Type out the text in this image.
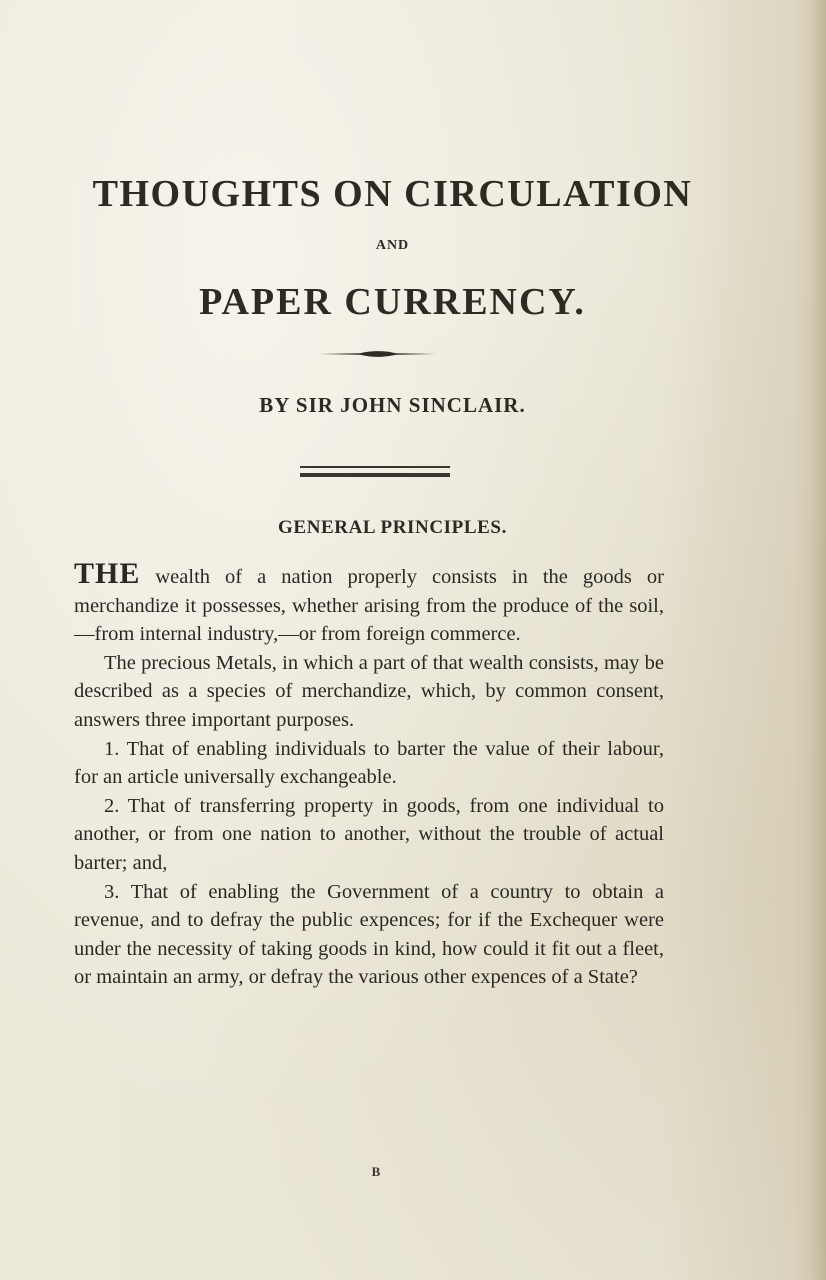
THOUGHTS ON CIRCULATION
AND
PAPER CURRENCY.
BY SIR JOHN SINCLAIR.
GENERAL PRINCIPLES.

THE wealth of a nation properly consists in the goods or merchandize it possesses, whether arising from the produce of the soil,—from internal industry,—or from foreign commerce.

The precious Metals, in which a part of that wealth consists, may be described as a species of merchandize, which, by common consent, answers three important purposes.

1. That of enabling individuals to barter the value of their labour, for an article universally exchangeable.

2. That of transferring property in goods, from one individual to another, or from one nation to another, without the trouble of actual barter; and,

3. That of enabling the Government of a country to obtain a revenue, and to defray the public expences; for if the Exchequer were under the necessity of taking goods in kind, how could it fit out a fleet, or maintain an army, or defray the various other expences of a State?

B
